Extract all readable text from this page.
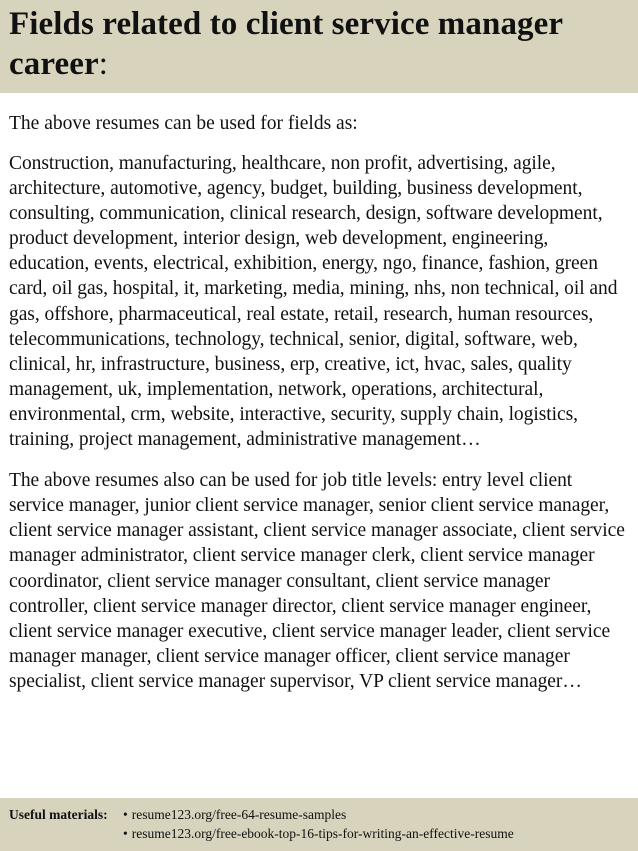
Fields related to client service manager career:

The above resumes can be used for fields as:

Construction, manufacturing, healthcare, non profit, advertising, agile, architecture, automotive, agency, budget, building, business development, consulting, communication, clinical research, design, software development, product development, interior design, web development, engineering, education, events, electrical, exhibition, energy, ngo, finance, fashion, green card, oil gas, hospital, it, marketing, media, mining, nhs, non technical, oil and gas, offshore, pharmaceutical, real estate, retail, research, human resources, telecommunications, technology, technical, senior, digital, software, web, clinical, hr, infrastructure, business, erp, creative, ict, hvac, sales, quality management, uk, implementation, network, operations, architectural, environmental, crm, website, interactive, security, supply chain, logistics, training, project management, administrative management…

The above resumes also can be used for job title levels: entry level client service manager, junior client service manager, senior client service manager, client service manager assistant, client service manager associate, client service manager administrator, client service manager clerk, client service manager coordinator, client service manager consultant, client service manager controller, client service manager director, client service manager engineer, client service manager executive, client service manager leader, client service manager manager, client service manager officer, client service manager specialist, client service manager supervisor, VP client service manager…

Useful materials:	• resume123.org/free-64-resume-samples
• resume123.org/free-ebook-top-16-tips-for-writing-an-effective-resume
